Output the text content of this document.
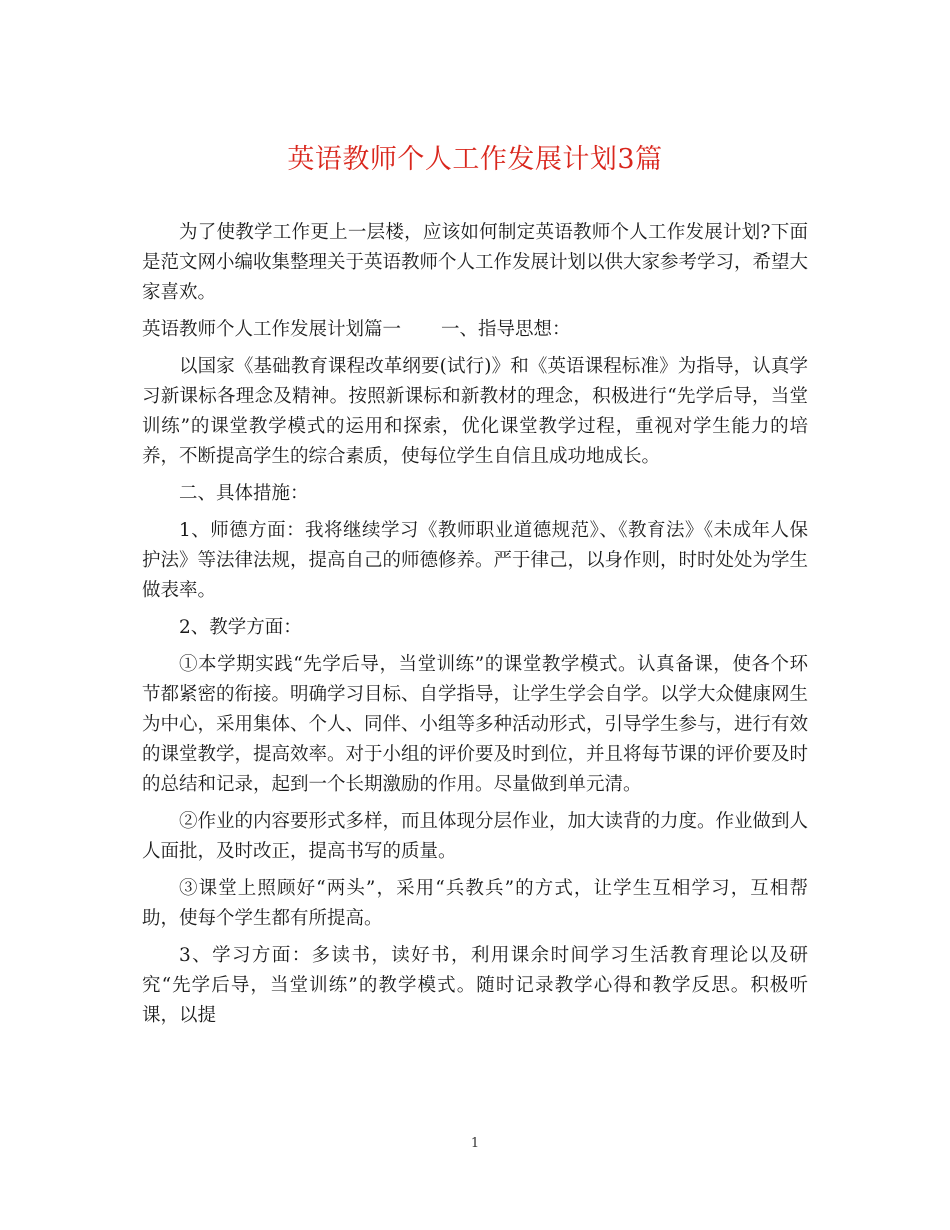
英语教师个人工作发展计划3篇

为了使教学工作更上一层楼，应该如何制定英语教师个人工作发展计划?下面是范文网小编收集整理关于英语教师个人工作发展计划以供大家参考学习，希望大家喜欢。

英语教师个人工作发展计划篇一 一、指导思想：

以国家《基础教育课程改革纲要(试行)》和《英语课程标准》为指导，认真学习新课标各理念及精神。按照新课标和新教材的理念，积极进行“先学后导，当堂训练”的课堂教学模式的运用和探索，优化课堂教学过程，重视对学生能力的培养，不断提高学生的综合素质，使每位学生自信且成功地成长。

二、具体措施：

1、师德方面：我将继续学习《教师职业道德规范》、《教育法》《未成年人保护法》等法律法规，提高自己的师德修养。严于律己，以身作则，时时处处为学生做表率。

2、教学方面：

①本学期实践“先学后导，当堂训练”的课堂教学模式。认真备课，使各个环节都紧密的衔接。明确学习目标、自学指导，让学生学会自学。以学大众健康网生为中心，采用集体、个人、同伴、小组等多种活动形式，引导学生参与，进行有效的课堂教学，提高效率。对于小组的评价要及时到位，并且将每节课的评价要及时的总结和记录，起到一个长期激励的作用。尽量做到单元清。

②作业的内容要形式多样，而且体现分层作业，加大读背的力度。作业做到人人面批，及时改正，提高书写的质量。

③课堂上照顾好“两头”，采用“兵教兵”的方式，让学生互相学习，互相帮助，使每个学生都有所提高。

3、学习方面：多读书，读好书，利用课余时间学习生活教育理论以及研究“先学后导，当堂训练”的教学模式。随时记录教学心得和教学反思。积极听课，以提

1
